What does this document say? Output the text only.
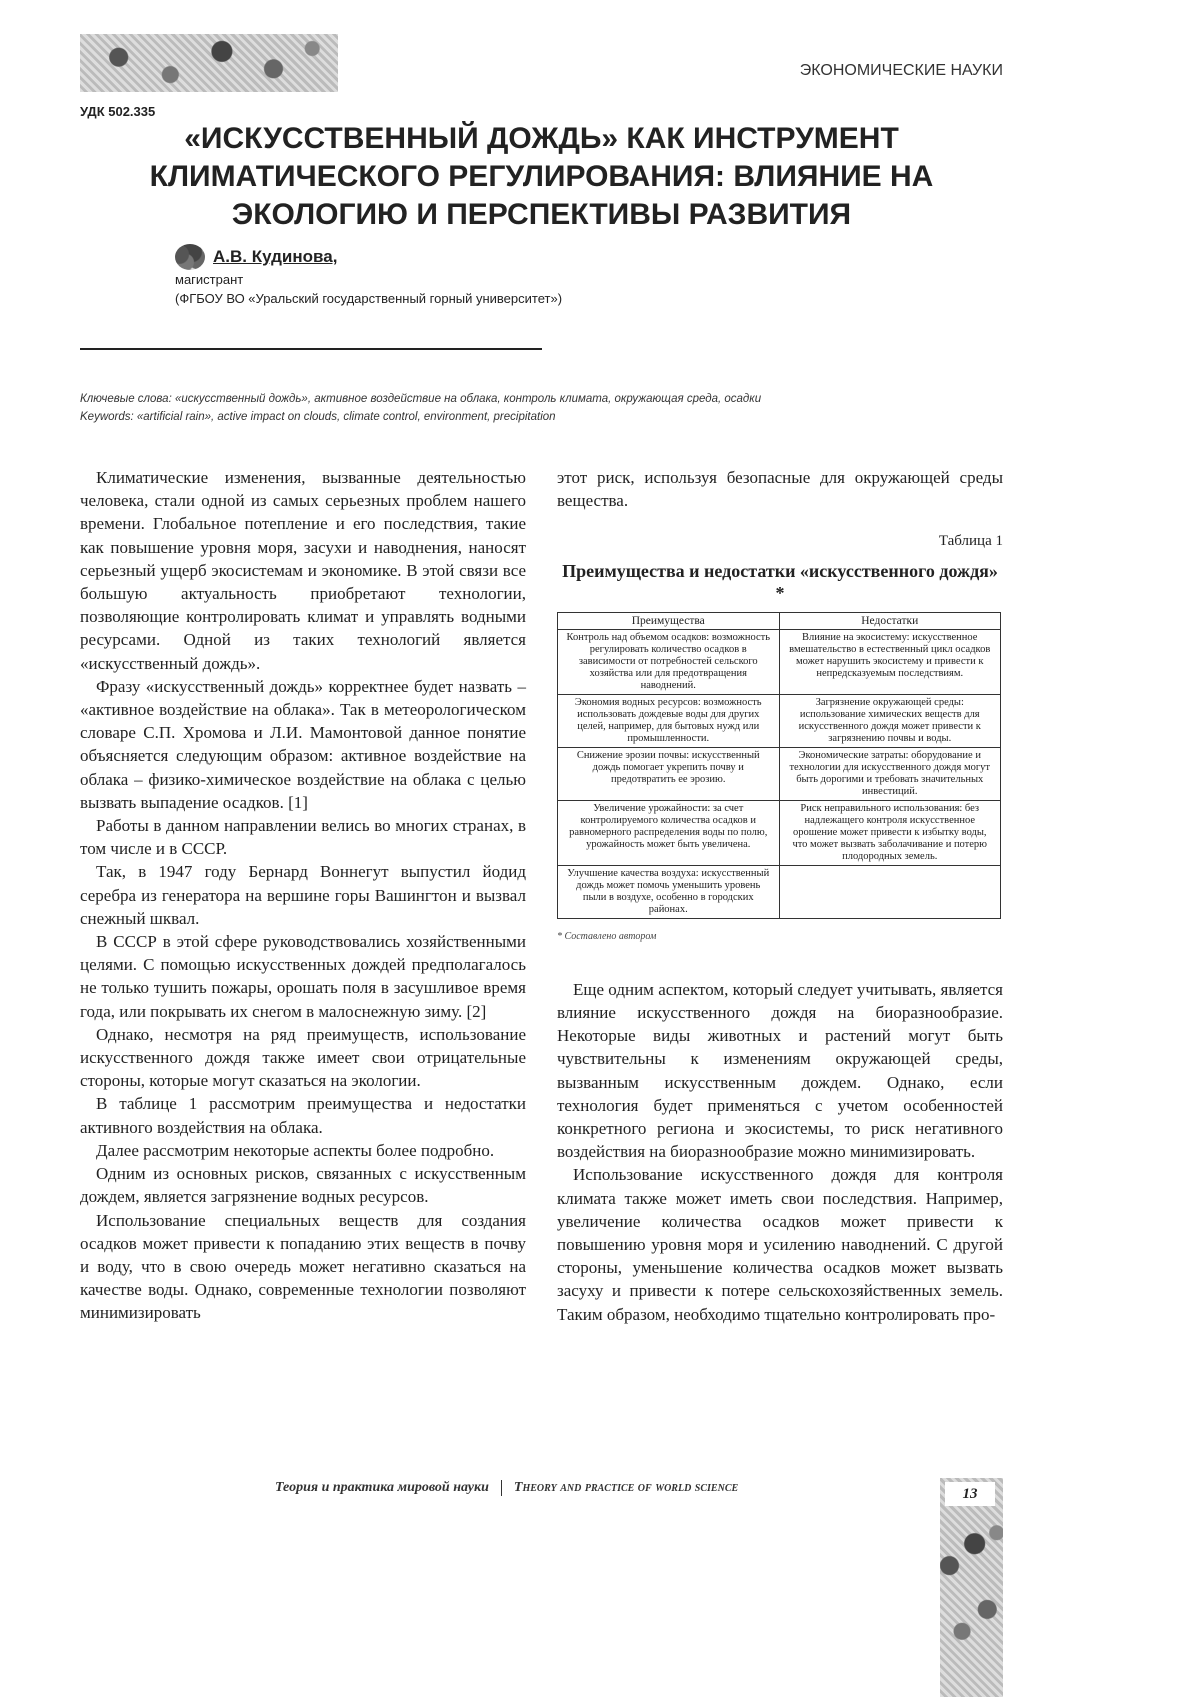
ЭКОНОМИЧЕСКИЕ НАУКИ
УДК 502.335
«ИСКУССТВЕННЫЙ ДОЖДЬ» КАК ИНСТРУМЕНТ КЛИМАТИЧЕСКОГО РЕГУЛИРОВАНИЯ: ВЛИЯНИЕ НА ЭКОЛОГИЮ И ПЕРСПЕКТИВЫ РАЗВИТИЯ
А.В. Кудинова,
магистрант
(ФГБОУ ВО «Уральский государственный горный университет»)
Ключевые слова: «искусственный дождь», активное воздействие на облака, контроль климата, окружающая среда, осадки
Keywords: «artificial rain», active impact on clouds, climate control, environment, precipitation

Климатические изменения, вызванные деятельностью человека, стали одной из самых серьезных проблем нашего времени. Глобальное потепление и его последствия, такие как повышение уровня моря, засухи и наводнения, наносят серьезный ущерб экосистемам и экономике. В этой связи все большую актуальность приобретают технологии, позволяющие контролировать климат и управлять водными ресурсами. Одной из таких технологий является «искусственный дождь».

Фразу «искусственный дождь» корректнее будет назвать – «активное воздействие на облака». Так в метеорологическом словаре С.П. Хромова и Л.И. Мамонтовой данное понятие объясняется следующим образом: активное воздействие на облака – физико-химическое воздействие на облака с целью вызвать выпадение осадков. [1]

Работы в данном направлении велись во многих странах, в том числе и в СССР.

Так, в 1947 году Бернард Воннегут выпустил йодид серебра из генератора на вершине горы Вашингтон и вызвал снежный шквал.

В СССР в этой сфере руководствовались хозяйственными целями. С помощью искусственных дождей предполагалось не только тушить пожары, орошать поля в засушливое время года, или покрывать их снегом в малоснежную зиму. [2]

Однако, несмотря на ряд преимуществ, использование искусственного дождя также имеет свои отрицательные стороны, которые могут сказаться на экологии.

В таблице 1 рассмотрим преимущества и недостатки активного воздействия на облака.

Далее рассмотрим некоторые аспекты более подробно.

Одним из основных рисков, связанных с искусственным дождем, является загрязнение водных ресурсов.

Использование специальных веществ для создания осадков может привести к попаданию этих веществ в почву и воду, что в свою очередь может негативно сказаться на качестве воды. Однако, современные технологии позволяют минимизировать

этот риск, используя безопасные для окружающей среды вещества.

Таблица 1
Преимущества и недостатки «искусственного дождя» *
Преимущества	Недостатки
Контроль над объемом осадков: возможность регулировать количество осадков в зависимости от потребностей сельского хозяйства или для предотвращения наводнений.	Влияние на экосистему: искусственное вмешательство в естественный цикл осадков может нарушить экосистему и привести к непредсказуемым последствиям.
Экономия водных ресурсов: возможность использовать дождевые воды для других целей, например, для бытовых нужд или промышленности.	Загрязнение окружающей среды: использование химических веществ для искусственного дождя может привести к загрязнению почвы и воды.
Снижение эрозии почвы: искусственный дождь помогает укрепить почву и предотвратить ее эрозию.	Экономические затраты: оборудование и технологии для искусственного дождя могут быть дорогими и требовать значительных инвестиций.
Увеличение урожайности: за счет контролируемого количества осадков и равномерного распределения воды по полю, урожайность может быть увеличена.	Риск неправильного использования: без надлежащего контроля искусственное орошение может привести к избытку воды, что может вызвать заболачивание и потерю плодородных земель.
Улучшение качества воздуха: искусственный дождь может помочь уменьшить уровень пыли в воздухе, особенно в городских районах.	
* Составлено автором

Еще одним аспектом, который следует учитывать, является влияние искусственного дождя на биоразнообразие. Некоторые виды животных и растений могут быть чувствительны к изменениям окружающей среды, вызванным искусственным дождем. Однако, если технология будет применяться с учетом особенностей конкретного региона и экосистемы, то риск негативного воздействия на биоразнообразие можно минимизировать.

Использование искусственного дождя для контроля климата также может иметь свои последствия. Например, увеличение количества осадков может привести к повышению уровня моря и усилению наводнений. С другой стороны, уменьшение количества осадков может вызвать засуху и привести к потере сельскохозяйственных земель. Таким образом, необходимо тщательно контролировать про-

Теория и практика мировой науки Theory and practice of world science	13
